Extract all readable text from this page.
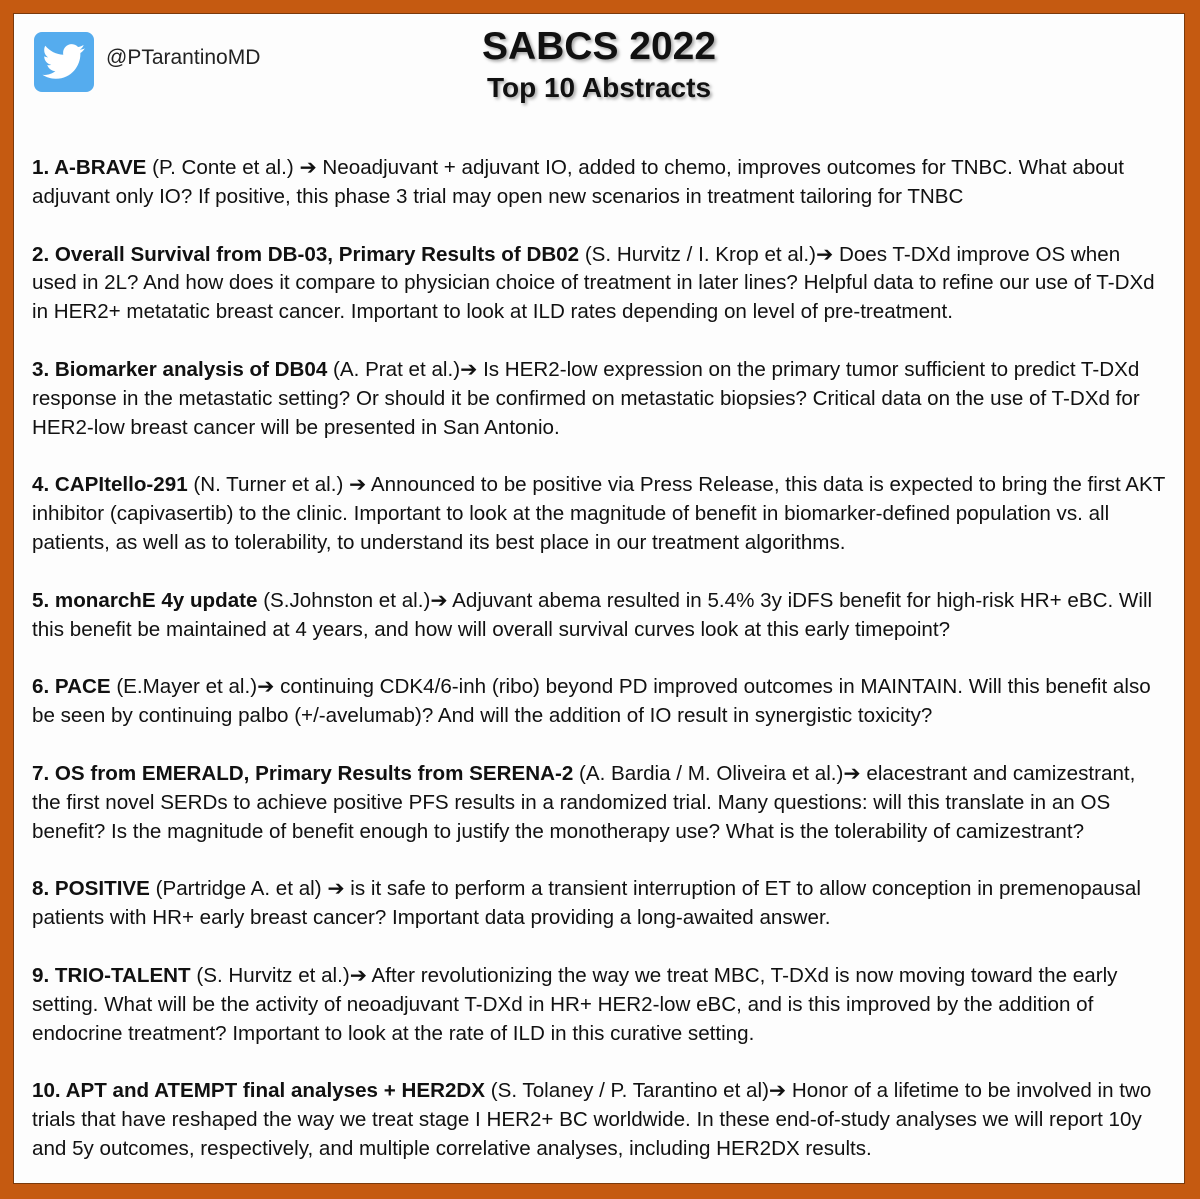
@PTarantinoMD	SABCS 2022
Top 10 Abstracts

1. A-BRAVE (P. Conte et al.) ➔ Neoadjuvant + adjuvant IO, added to chemo, improves outcomes for TNBC. What about adjuvant only IO? If positive, this phase 3 trial may open new scenarios in treatment tailoring for TNBC

2. Overall Survival from DB-03, Primary Results of DB02 (S. Hurvitz / I. Krop et al.)➔ Does T-DXd improve OS when used in 2L? And how does it compare to physician choice of treatment in later lines? Helpful data to refine our use of T-DXd in HER2+ metatatic breast cancer. Important to look at ILD rates depending on level of pre-treatment.

3. Biomarker analysis of DB04 (A. Prat et al.)➔ Is HER2-low expression on the primary tumor sufficient to predict T-DXd response in the metastatic setting? Or should it be confirmed on metastatic biopsies? Critical data on the use of T-DXd for HER2-low breast cancer will be presented in San Antonio.

4. CAPItello-291 (N. Turner et al.) ➔ Announced to be positive via Press Release, this data is expected to bring the first AKT inhibitor (capivasertib) to the clinic. Important to look at the magnitude of benefit in biomarker-defined population vs. all patients, as well as to tolerability, to understand its best place in our treatment algorithms.

5. monarchE 4y update (S.Johnston et al.)➔ Adjuvant abema resulted in 5.4% 3y iDFS benefit for high-risk HR+ eBC. Will this benefit be maintained at 4 years, and how will overall survival curves look at this early timepoint?

6. PACE (E.Mayer et al.)➔ continuing CDK4/6-inh (ribo) beyond PD improved outcomes in MAINTAIN. Will this benefit also be seen by continuing palbo (+/-avelumab)? And will the addition of IO result in synergistic toxicity?

7. OS from EMERALD, Primary Results from SERENA-2 (A. Bardia / M. Oliveira et al.)➔ elacestrant and camizestrant, the first novel SERDs to achieve positive PFS results in a randomized trial. Many questions: will this translate in an OS benefit? Is the magnitude of benefit enough to justify the monotherapy use? What is the tolerability of camizestrant?

8. POSITIVE (Partridge A. et al) ➔ is it safe to perform a transient interruption of ET to allow conception in premenopausal patients with HR+ early breast cancer? Important data providing a long-awaited answer.

9. TRIO-TALENT (S. Hurvitz et al.)➔ After revolutionizing the way we treat MBC, T-DXd is now moving toward the early setting. What will be the activity of neoadjuvant T-DXd in HR+ HER2-low eBC, and is this improved by the addition of endocrine treatment? Important to look at the rate of ILD in this curative setting.

10. APT and ATEMPT final analyses + HER2DX (S. Tolaney / P. Tarantino et al)➔ Honor of a lifetime to be involved in two trials that have reshaped the way we treat stage I HER2+ BC worldwide. In these end-of-study analyses we will report 10y and 5y outcomes, respectively, and multiple correlative analyses, including HER2DX results.
